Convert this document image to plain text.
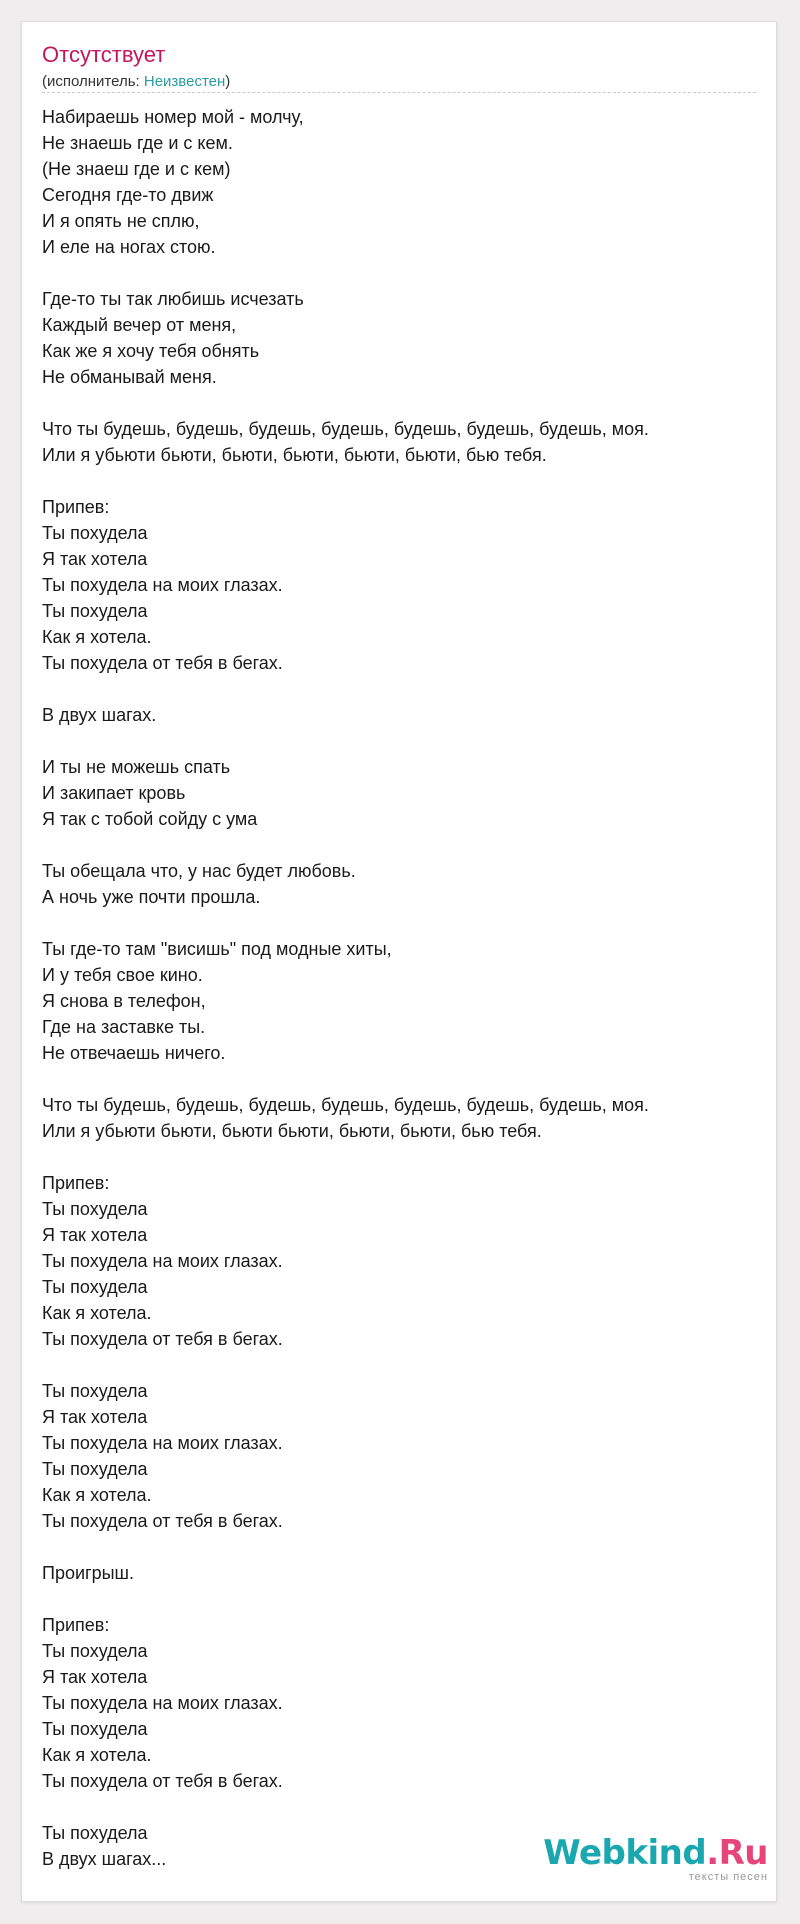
Отсутствует
(исполнитель: Неизвестен)
Набираешь номер мой - молчу,
Не знаешь где и с кем.
(Не знаеш где и с кем)
Сегодня где-то движ
И я опять не сплю,
И еле на ногах стою.
Где-то ты так любишь исчезать
Каждый вечер от меня,
Как же я хочу тебя обнять
Не обманывай меня.
Что ты будешь, будешь, будешь, будешь, будешь, будешь, будешь, моя.
Или я убьюти бьюти, бьюти, бьюти, бьюти, бьюти, бью тебя.
Припев:
Ты похудела
Я так хотела
Ты похудела на моих глазах.
Ты похудела
Как я хотела.
Ты похудела от тебя в бегах.
В двух шагах.
И ты не можешь спать
И закипает кровь
Я так с тобой сойду с ума
Ты обещала что, у нас будет любовь.
А ночь уже почти прошла.
Ты где-то там "висишь" под модные хиты,
И у тебя свое кино.
Я снова в телефон,
Где на заставке ты.
Не отвечаешь ничего.
Что ты будешь, будешь, будешь, будешь, будешь, будешь, будешь, моя.
Или я убьюти бьюти, бьюти бьюти, бьюти, бьюти, бью тебя.
Припев:
Ты похудела
Я так хотела
Ты похудела на моих глазах.
Ты похудела
Как я хотела.
Ты похудела от тебя в бегах.
Ты похудела
Я так хотела
Ты похудела на моих глазах.
Ты похудела
Как я хотела.
Ты похудела от тебя в бегах.
Проигрыш.
Припев:
Ты похудела
Я так хотела
Ты похудела на моих глазах.
Ты похудела
Как я хотела.
Ты похудела от тебя в бегах.
Ты похудела
В двух шагах...	Webkind.Ru
тексты песен
